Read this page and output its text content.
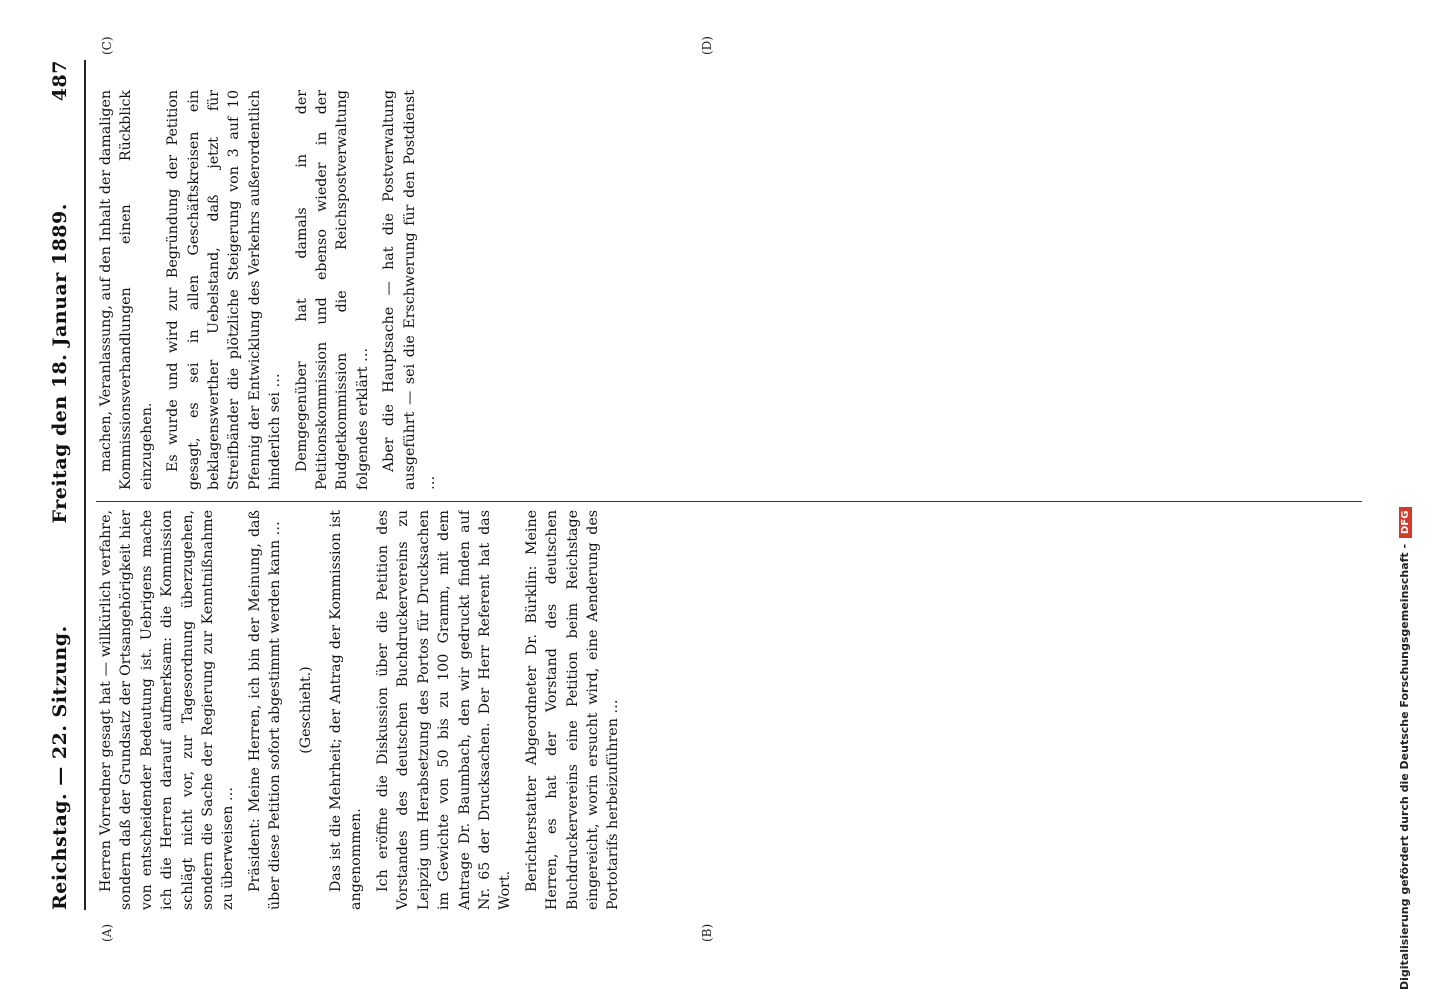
Reichstag. — 22. Sitzung.
Freitag den 18. Januar 1889.
487
(A)	(B)
(C)	(D)

Herren Vorredner gesagt hat — willkürlich verfahre, sondern daß der Grundsatz der Ortsangehörigkeit hier von entscheidender Bedeutung ist. Uebrigens mache ich die Herren darauf aufmerksam: die Kommission schlägt nicht vor, zur Tagesordnung überzugehen, sondern die Sache der Regierung zur Kenntnißnahme zu überweisen … Präsident: Meine Herren, ich bin der Meinung, daß über diese Petition sofort abgestimmt werden kann … (Geschieht.) Das ist die Mehrheit; der Antrag der Kommission ist angenommen. Ich eröffne die Diskussion über die Petition des Vorstandes des deutschen Buchdruckervereins zu Leipzig um Herabsetzung des Portos für Drucksachen im Gewichte von 50 bis zu 100 Gramm, mit dem Antrage Dr. Baumbach, den wir gedruckt finden auf Nr. 65 der Drucksachen. Der Herr Referent hat das Wort. Berichterstatter Abgeordneter Dr. Bürklin: Meine Herren, es hat der Vorstand des deutschen Buchdruckervereins eine Petition beim Reichstage eingereicht, worin ersucht wird, eine Aenderung des Portotarifs herbeizuführen …

machen, Veranlassung, auf den Inhalt der damaligen Kommissionsverhandlungen einen Rückblick einzugehen. Es wurde und wird zur Begründung der Petition gesagt, es sei in allen Geschäftskreisen ein beklagenswerther Uebelstand, daß jetzt für Streifbänder die plötzliche Steigerung von 3 auf 10 Pfennig der Entwicklung des Verkehrs außerordentlich hinderlich sei … Demgegenüber hat damals in der Petitionskommission und ebenso wieder in der Budgetkommission die Reichspostverwaltung folgendes erklärt … Aber die Hauptsache — hat die Postverwaltung ausgeführt — sei die Erschwerung für den Postdienst …

Digitalisierung gefördert durch die Deutsche Forschungsgemeinschaft -DFG
